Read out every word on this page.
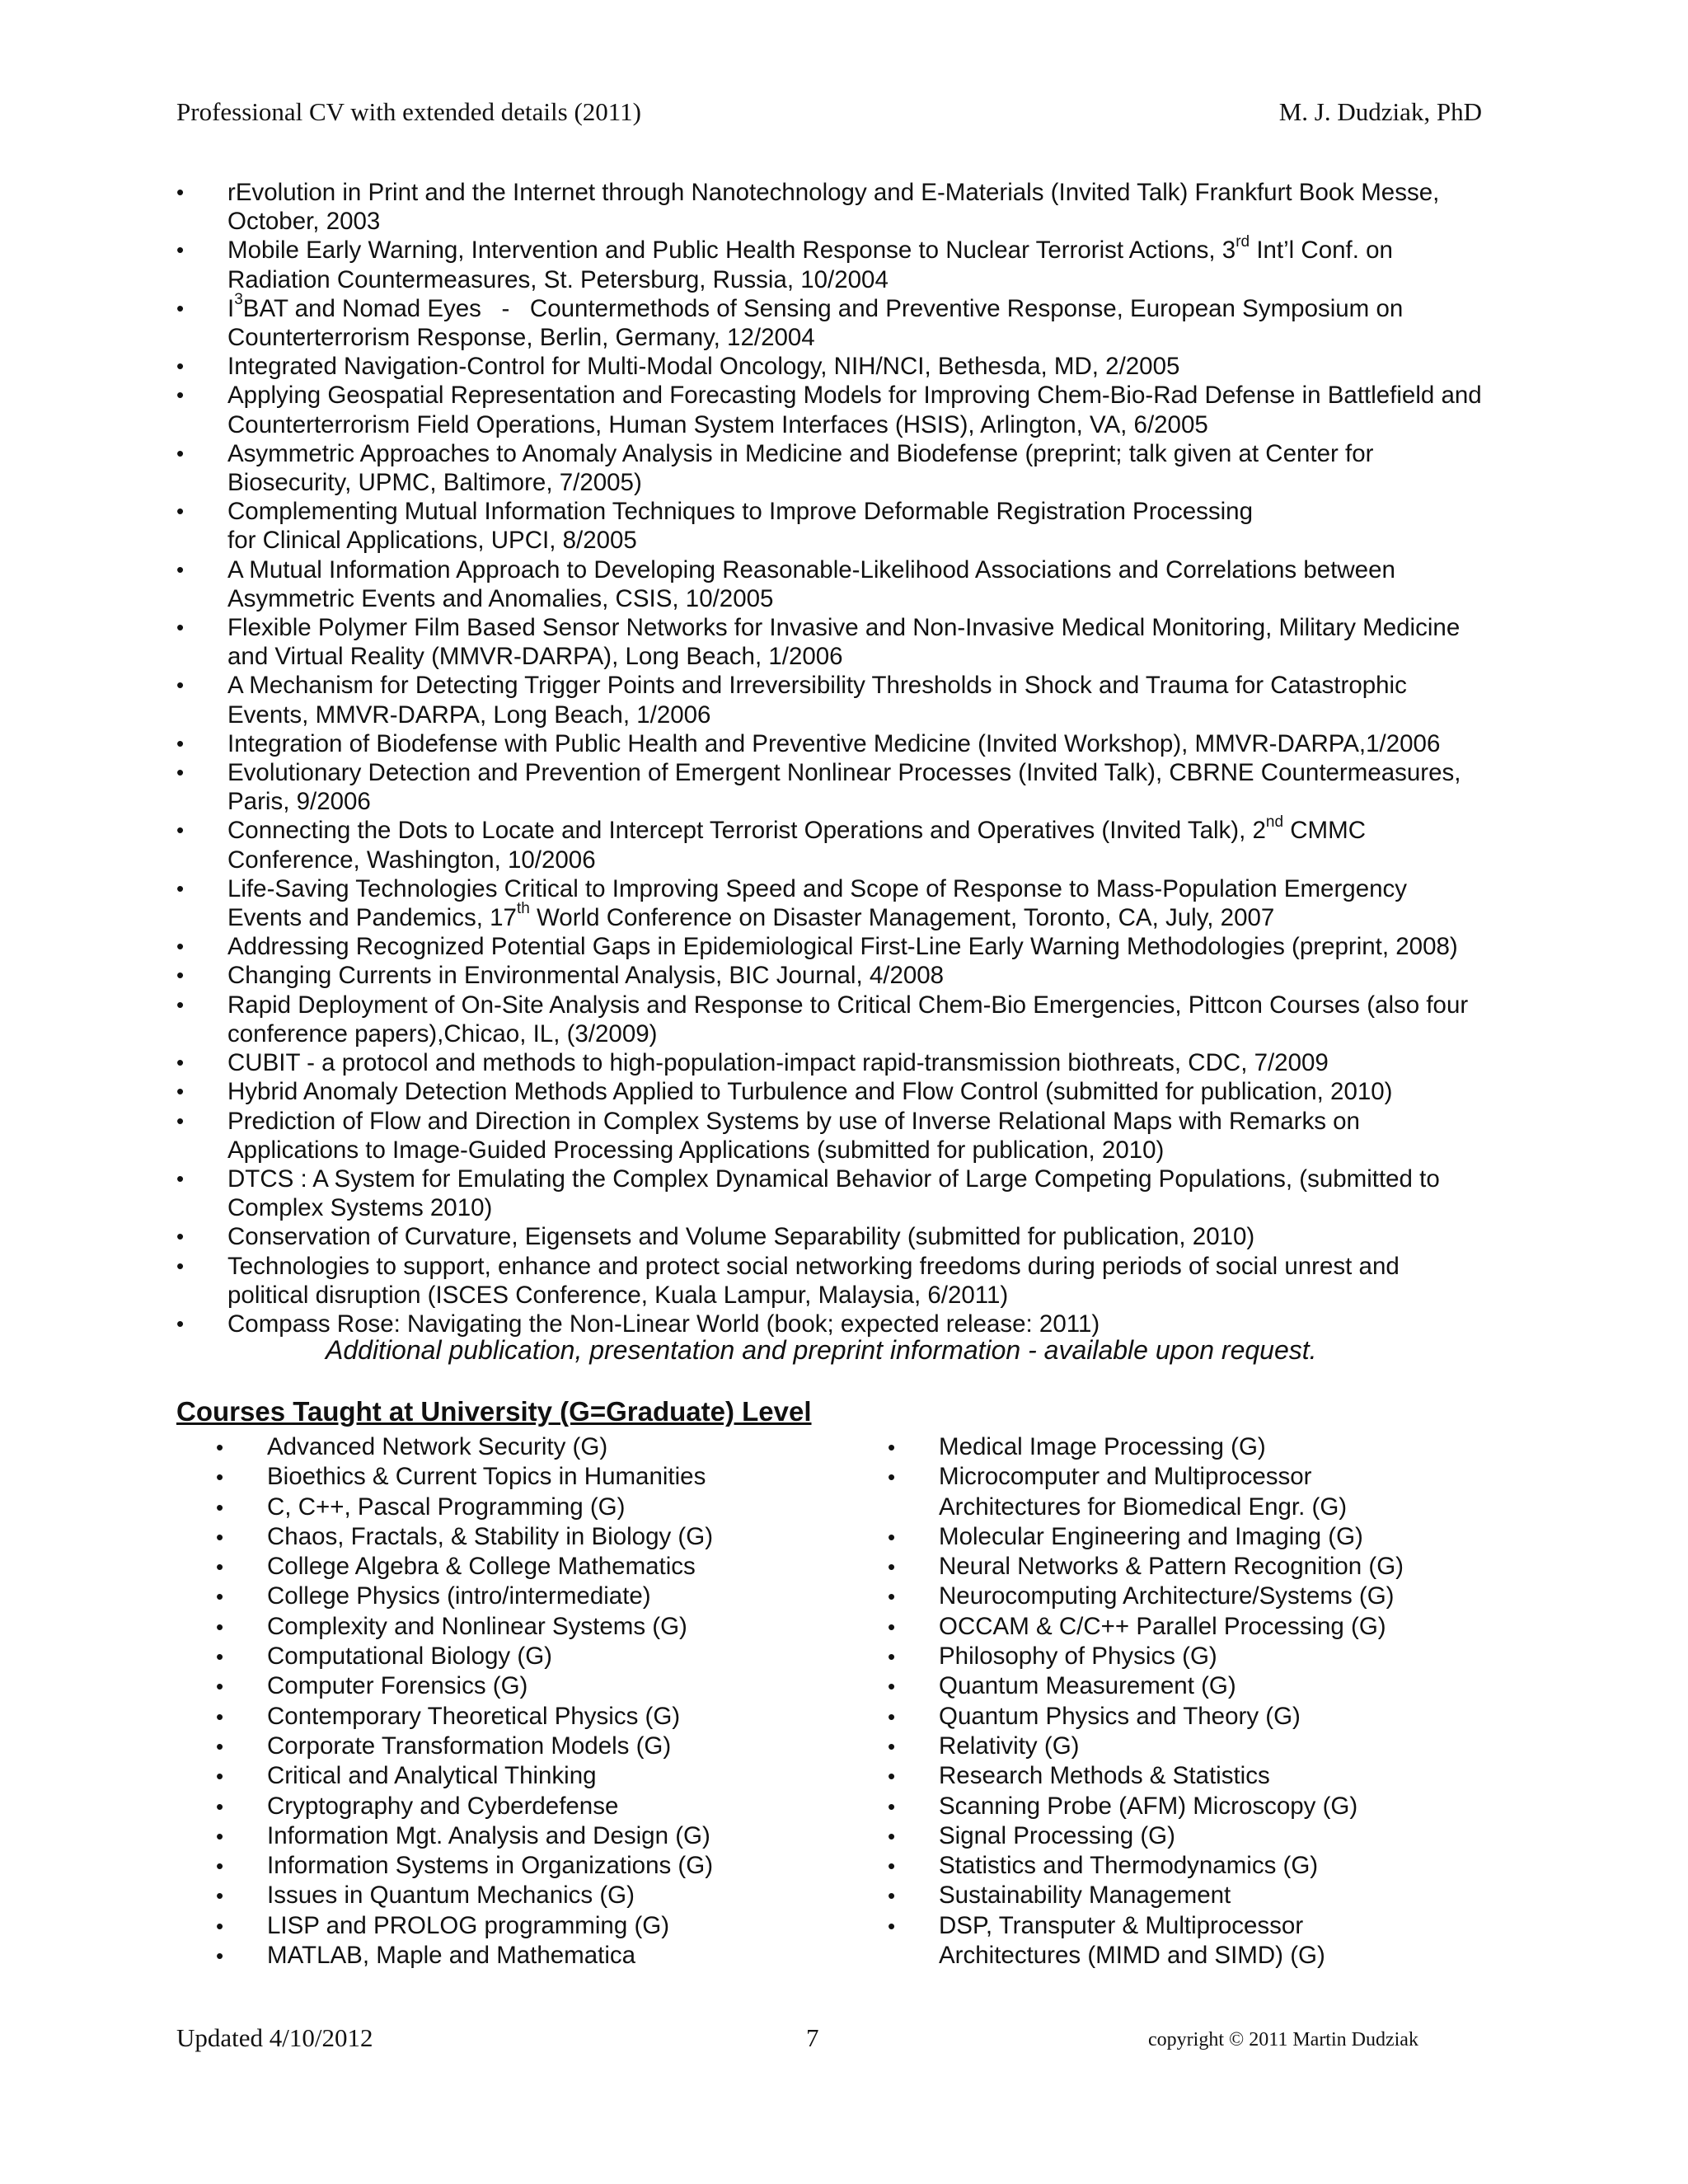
Professional CV with extended details (2011)	M. J. Dudziak, PhD
• rEvolution in Print and the Internet through Nanotechnology and E-Materials (Invited Talk) Frankfurt Book Messe,
October, 2003
• Mobile Early Warning, Intervention and Public Health Response to Nuclear Terrorist Actions, 3rd Int’l Conf. on
Radiation Countermeasures, St. Petersburg, Russia, 10/2004
• $I^3BAT$ and Nomad Eyes   -   Countermethods of Sensing and Preventive Response, European Symposium on
Counterterrorism Response, Berlin, Germany, 12/2004
• Integrated Navigation-Control for Multi-Modal Oncology, NIH/NCI, Bethesda, MD, 2/2005
• Applying Geospatial Representation and Forecasting Models for Improving Chem-Bio-Rad Defense in Battlefield and
Counterterrorism Field Operations, Human System Interfaces (HSIS), Arlington, VA, 6/2005
• Asymmetric Approaches to Anomaly Analysis in Medicine and Biodefense (preprint; talk given at Center for
Biosecurity, UPMC, Baltimore, 7/2005)
• Complementing Mutual Information Techniques to Improve Deformable Registration Processing
for Clinical Applications, UPCI, 8/2005
• A Mutual Information Approach to Developing Reasonable-Likelihood Associations and Correlations between
Asymmetric Events and Anomalies, CSIS, 10/2005
• Flexible Polymer Film Based Sensor Networks for Invasive and Non-Invasive Medical Monitoring, Military Medicine
and Virtual Reality (MMVR-DARPA), Long Beach, 1/2006
• A Mechanism for Detecting Trigger Points and Irreversibility Thresholds in Shock and Trauma for Catastrophic
Events, MMVR-DARPA, Long Beach, 1/2006
• Integration of Biodefense with Public Health and Preventive Medicine (Invited Workshop), MMVR-DARPA,1/2006
• Evolutionary Detection and Prevention of Emergent Nonlinear Processes (Invited Talk), CBRNE Countermeasures,
Paris, 9/2006
• Connecting the Dots to Locate and Intercept Terrorist Operations and Operatives (Invited Talk), 2nd CMMC
Conference, Washington, 10/2006
• Life-Saving Technologies Critical to Improving Speed and Scope of Response to Mass-Population Emergency
Events and Pandemics, 17th World Conference on Disaster Management, Toronto, CA, July, 2007
• Addressing Recognized Potential Gaps in Epidemiological First-Line Early Warning Methodologies (preprint, 2008)
• Changing Currents in Environmental Analysis, BIC Journal, 4/2008
• Rapid Deployment of On-Site Analysis and Response to Critical Chem-Bio Emergencies, Pittcon Courses (also four
conference papers),Chicao, IL, (3/2009)
• CUBIT - a protocol and methods to high-population-impact rapid-transmission biothreats, CDC, 7/2009
• Hybrid Anomaly Detection Methods Applied to Turbulence and Flow Control (submitted for publication, 2010)
• Prediction of Flow and Direction in Complex Systems by use of Inverse Relational Maps with Remarks on
Applications to Image-Guided Processing Applications (submitted for publication, 2010)
• DTCS : A System for Emulating the Complex Dynamical Behavior of Large Competing Populations, (submitted to
Complex Systems 2010)
• Conservation of Curvature, Eigensets and Volume Separability (submitted for publication, 2010)
• Technologies to support, enhance and protect social networking freedoms during periods of social unrest and
political disruption (ISCES Conference, Kuala Lampur, Malaysia, 6/2011)
• Compass Rose: Navigating the Non-Linear World (book; expected release: 2011)
Additional publication, presentation and preprint information - available upon request.
Courses Taught at University (G=Graduate) Level
• Advanced Network Security (G)
• Bioethics & Current Topics in Humanities
• C, C++, Pascal Programming (G)
• Chaos, Fractals, & Stability in Biology (G)
• College Algebra & College Mathematics
• College Physics (intro/intermediate)
• Complexity and Nonlinear Systems (G)
• Computational Biology (G)
• Computer Forensics (G)
• Contemporary Theoretical Physics (G)
• Corporate Transformation Models (G)
• Critical and Analytical Thinking
• Cryptography and Cyberdefense
• Information Mgt. Analysis and Design (G)
• Information Systems in Organizations (G)
• Issues in Quantum Mechanics (G)
• LISP and PROLOG programming (G)
• MATLAB, Maple and Mathematica
• Medical Image Processing (G)
• Microcomputer and Multiprocessor
Architectures for Biomedical Engr. (G)
• Molecular Engineering and Imaging (G)
• Neural Networks & Pattern Recognition (G)
• Neurocomputing Architecture/Systems (G)
• OCCAM & C/C++ Parallel Processing (G)
• Philosophy of Physics (G)
• Quantum Measurement (G)
• Quantum Physics and Theory (G)
• Relativity (G)
• Research Methods & Statistics
• Scanning Probe (AFM) Microscopy (G)
• Signal Processing (G)
• Statistics and Thermodynamics (G)
• Sustainability Management
• DSP, Transputer & Multiprocessor
Architectures (MIMD and SIMD) (G)
Updated 4/10/2012	7	copyright © 2011 Martin Dudziak
